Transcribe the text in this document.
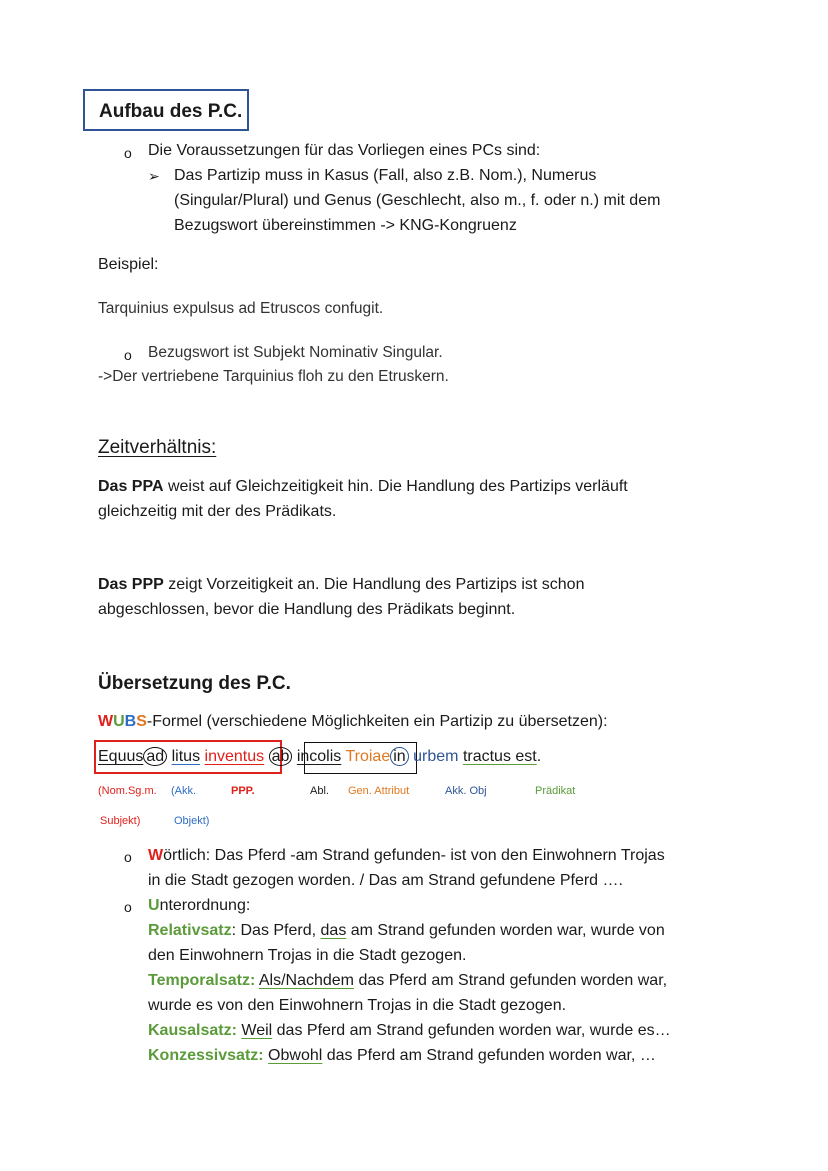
Aufbau des P.C.
o Die Voraussetzungen für das Vorliegen eines PCs sind:
➢ Das Partizip muss in Kasus (Fall, also z.B. Nom.), Numerus
(Singular/Plural) und Genus (Geschlecht, also m., f. oder n.) mit dem
Bezugswort übereinstimmen -> KNG-Kongruenz
Beispiel:
Tarquinius expulsus ad Etruscos confugit.
o Bezugswort ist Subjekt Nominativ Singular.
->Der vertriebene Tarquinius floh zu den Etruskern.
Zeitverhältnis:
Das PPA weist auf Gleichzeitigkeit hin. Die Handlung des Partizips verläuft
gleichzeitig mit der des Prädikats.
Das PPP zeigt Vorzeitigkeit an. Die Handlung des Partizips ist schon
abgeschlossen, bevor die Handlung des Prädikats beginnt.
Übersetzung des P.C.
WUBS-Formel (verschiedene Möglichkeiten ein Partizip zu übersetzen):
Equus ad litus inventus ab incolis Troiae in urbem tractus est.
(Nom.Sg.m. (Akk.	PPP.	Abl. Gen. Attribut	Akk. Obj	Prädikat
Subjekt)	Objekt)
o Wörtlich: Das Pferd -am Strand gefunden- ist von den Einwohnern Trojas
in die Stadt gezogen worden. / Das am Strand gefundene Pferd ….
o Unterordnung:
Relativsatz: Das Pferd, das am Strand gefunden worden war, wurde von
den Einwohnern Trojas in die Stadt gezogen.
Temporalsatz: Als/Nachdem das Pferd am Strand gefunden worden war,
wurde es von den Einwohnern Trojas in die Stadt gezogen.
Kausalsatz: Weil das Pferd am Strand gefunden worden war, wurde es…
Konzessivsatz: Obwohl das Pferd am Strand gefunden worden war, …
